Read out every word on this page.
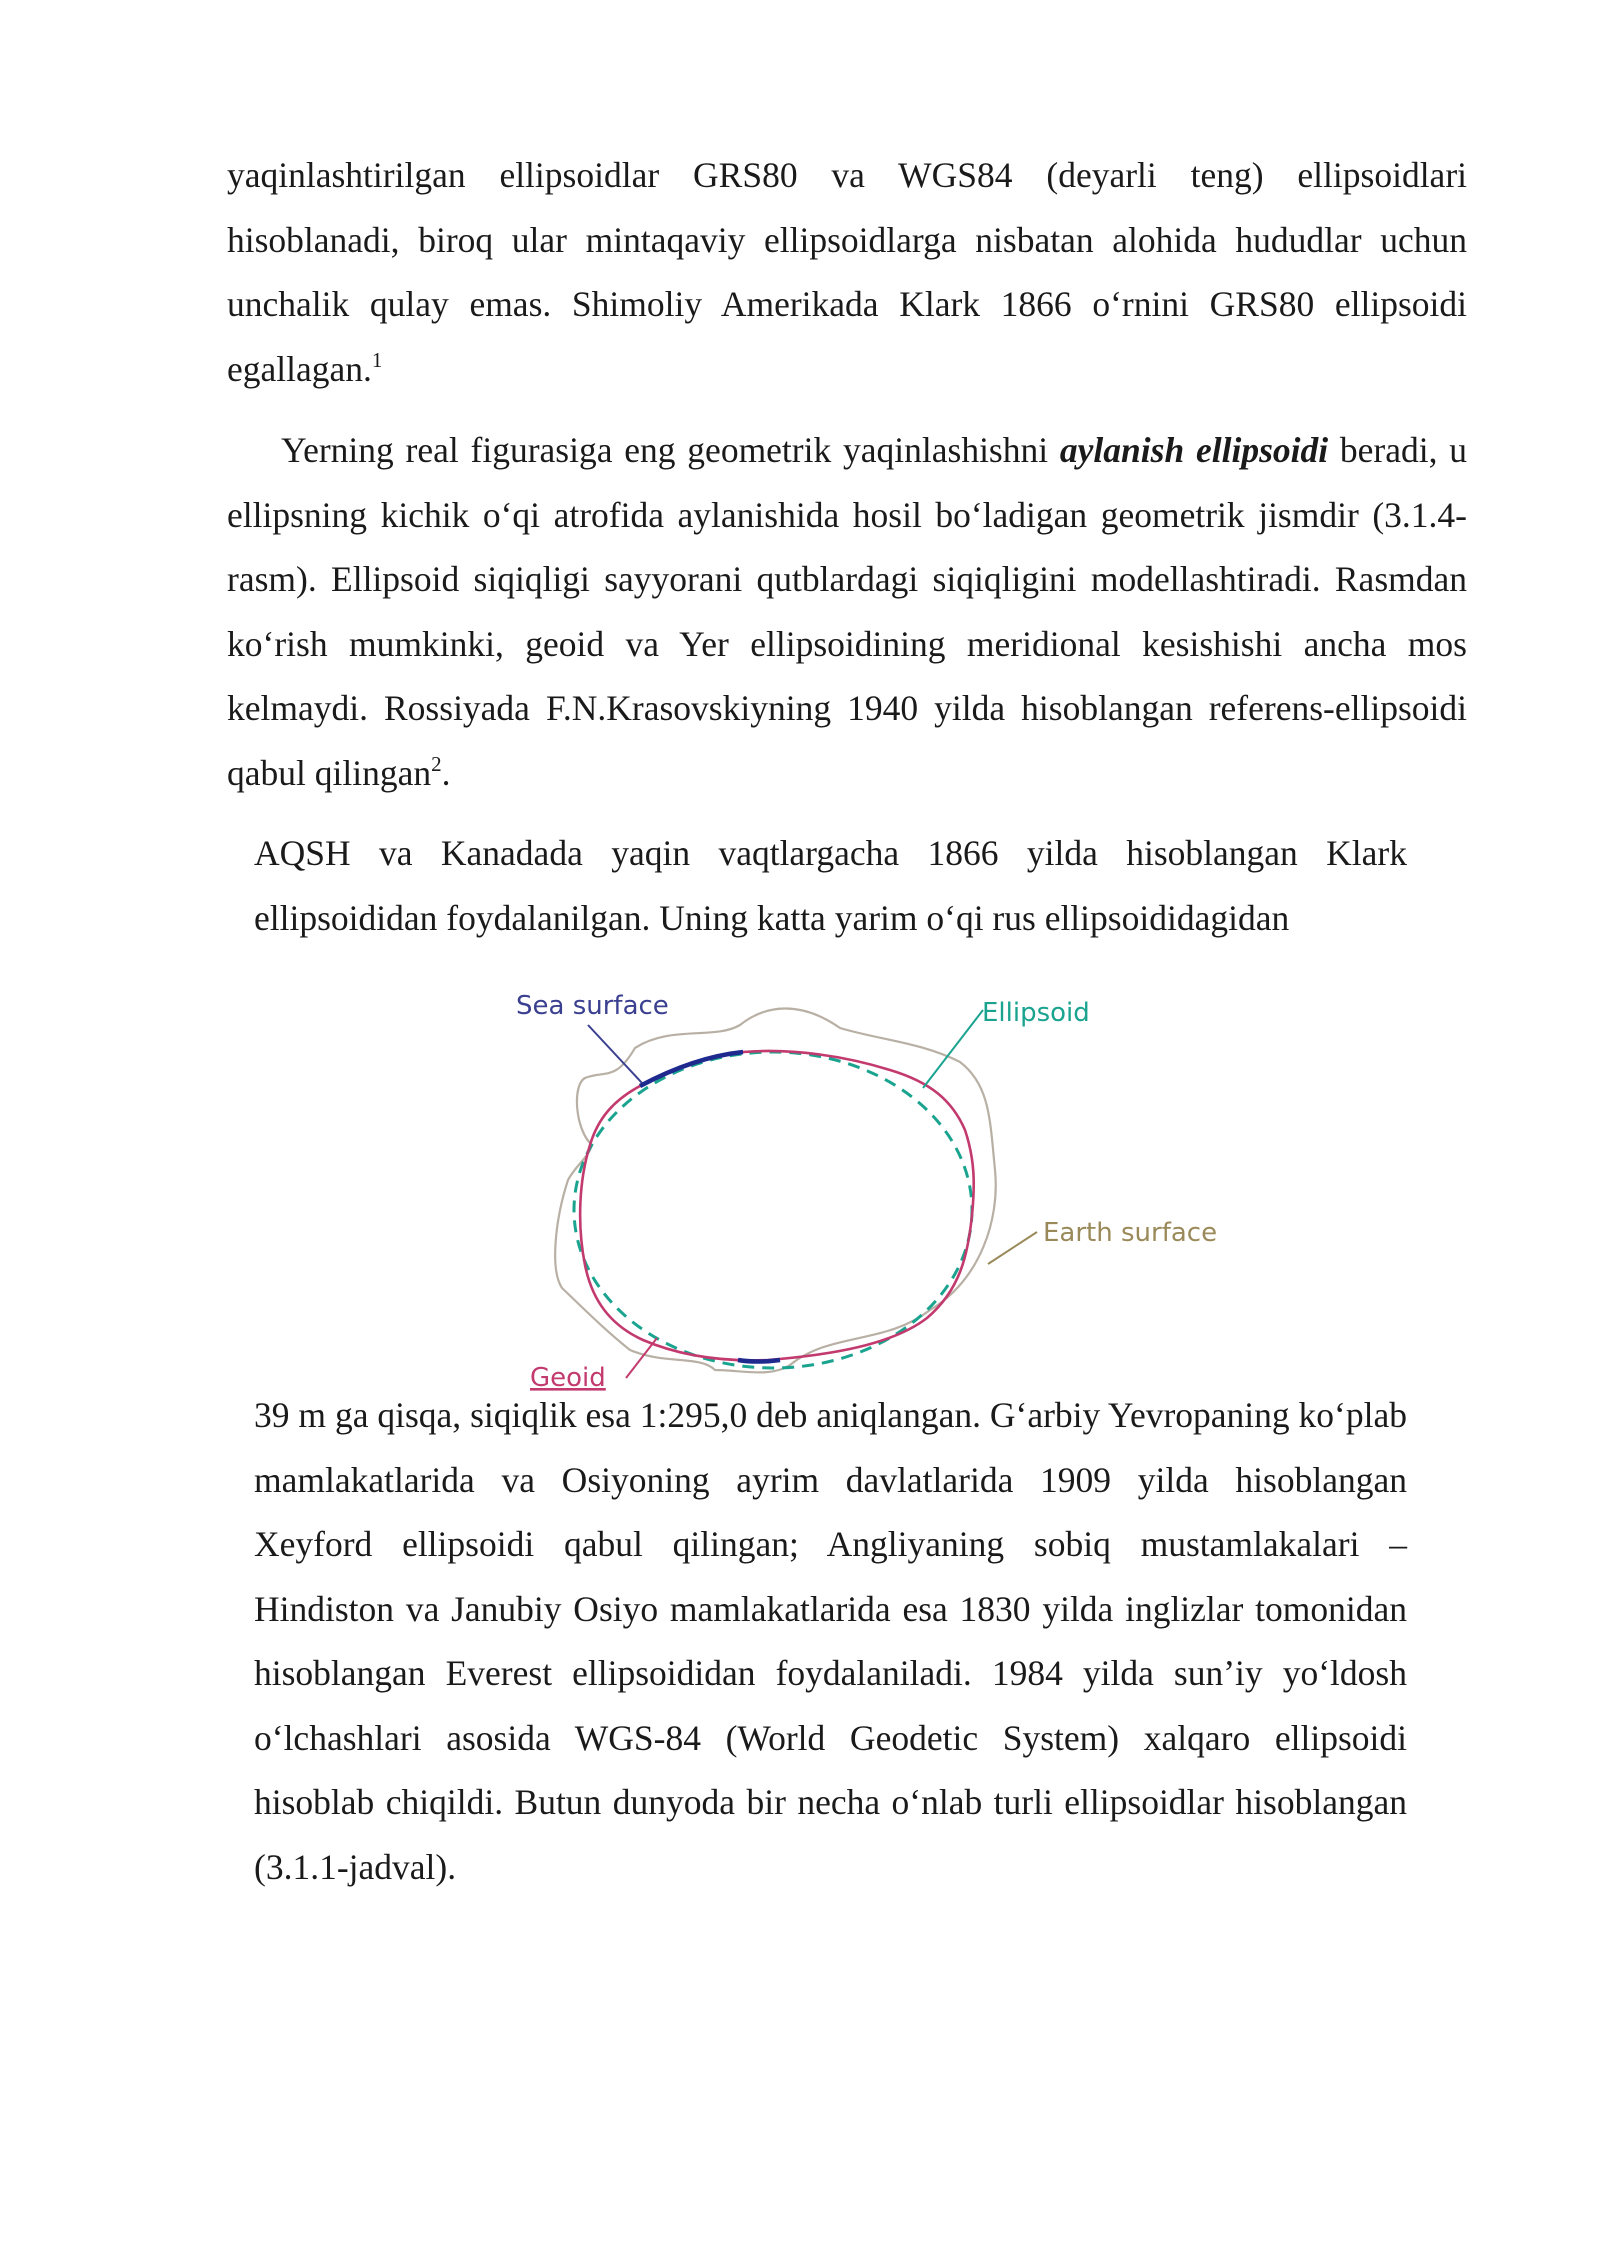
yaqinlashtirilgan ellipsoidlar GRS80 va WGS84 (deyarli teng) ellipsoidlari hisoblanadi, biroq ular mintaqaviy ellipsoidlarga nisbatan alohida hududlar uchun unchalik qulay emas. Shimoliy Amerikada Klark 1866 oʻrnini GRS80 ellipsoidi egallagan.$^1$

Yerning real figurasiga eng geometrik yaqinlashishni aylanish ellipsoidi beradi, u ellipsning kichik oʻqi atrofida aylanishida hosil boʻladigan geometrik jismdir (3.1.4-rasm). Ellipsoid siqiqligi sayyorani qutblardagi siqiqligini modellashtiradi. Rasmdan koʻrish mumkinki, geoid va Yer ellipsoidining meridional kesishishi ancha mos kelmaydi. Rossiyada F.N.Krasovskiyning 1940 yilda hisoblangan referens-ellipsoidi qabul qilingan$^2$.

AQSH va Kanadada yaqin vaqtlargacha 1866 yilda hisoblangan Klark ellipsoididan foydalanilgan. Uning katta yarim oʻqi rus ellipsoididagidan

Sea surface	Ellipsoid
Earth surface
Geoid

39 m ga qisqa, siqiqlik esa 1:295,0 deb aniqlangan. Gʻarbiy Yevropaning koʻplab mamlakatlarida va Osiyoning ayrim davlatlarida 1909 yilda hisoblangan Xeyford ellipsoidi qabul qilingan; Angliyaning sobiq mustamlakalari – Hindiston va Janubiy Osiyo mamlakatlarida esa 1830 yilda inglizlar tomonidan hisoblangan Everest ellipsoididan foydalaniladi. 1984 yilda sunʼiy yoʻldosh oʻlchashlari asosida WGS-84 (World Geodetic System) xalqaro ellipsoidi hisoblab chiqildi. Butun dunyoda bir necha oʻnlab turli ellipsoidlar hisoblangan (3.1.1-jadval).
